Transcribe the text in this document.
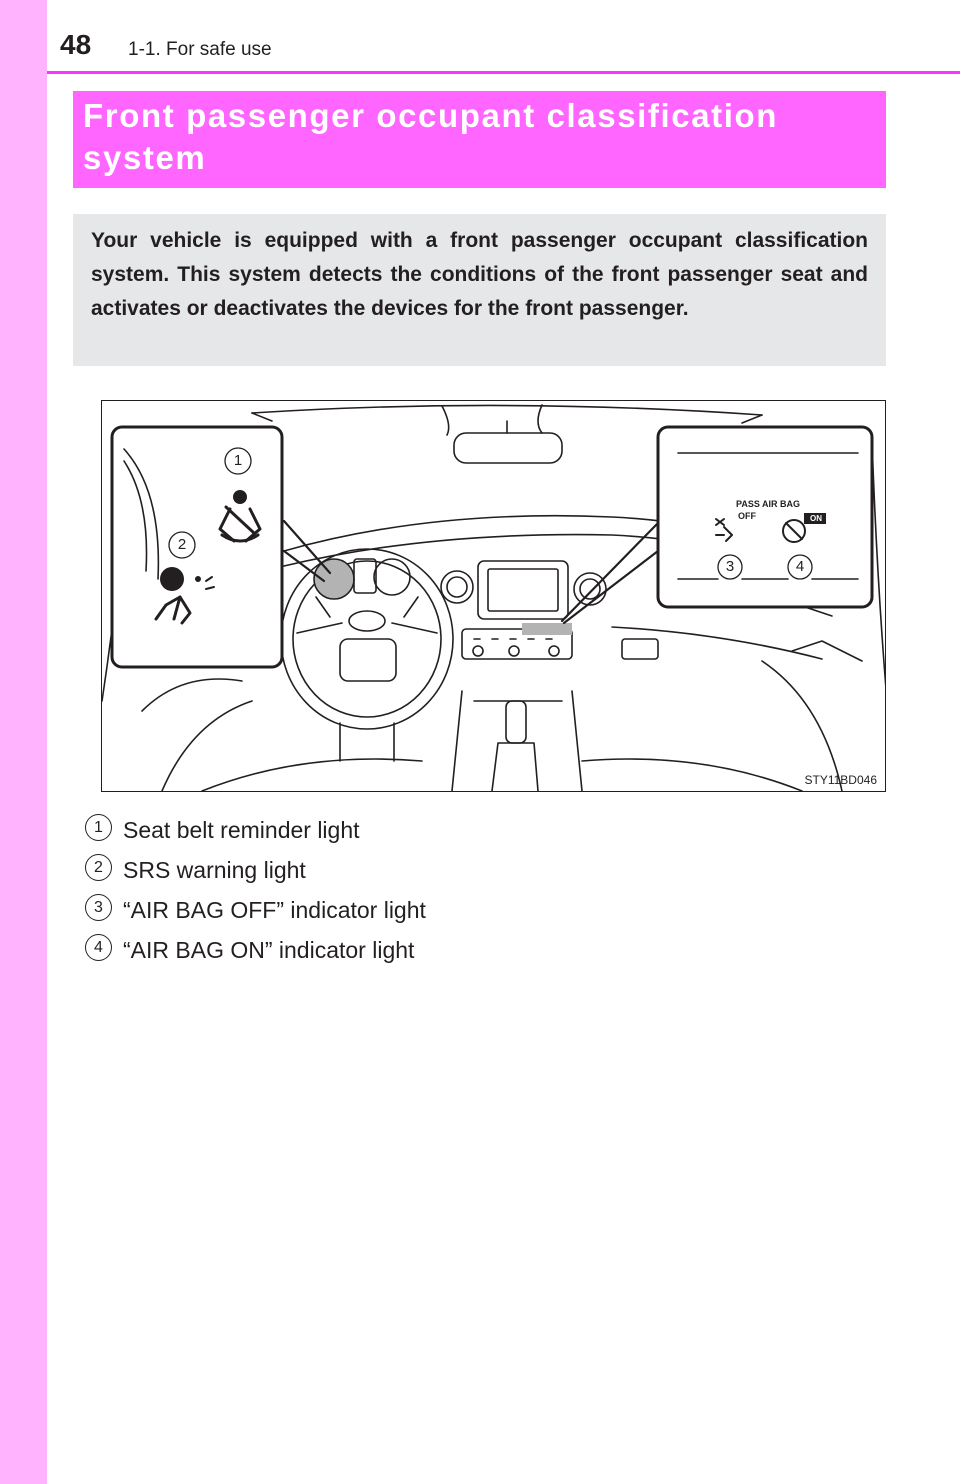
48 1-1. For safe use

Front passenger occupant classification system

Your vehicle is equipped with a front passenger occupant classification system. This system detects the conditions of the front passenger seat and activates or deactivates the devices for the front passenger.

1
2
3	4
PASS AIR BAG
OFF	ON
STY11BD046
1 Seat belt reminder light
2 SRS warning light
3 “AIR BAG OFF” indicator light
4 “AIR BAG ON” indicator light
